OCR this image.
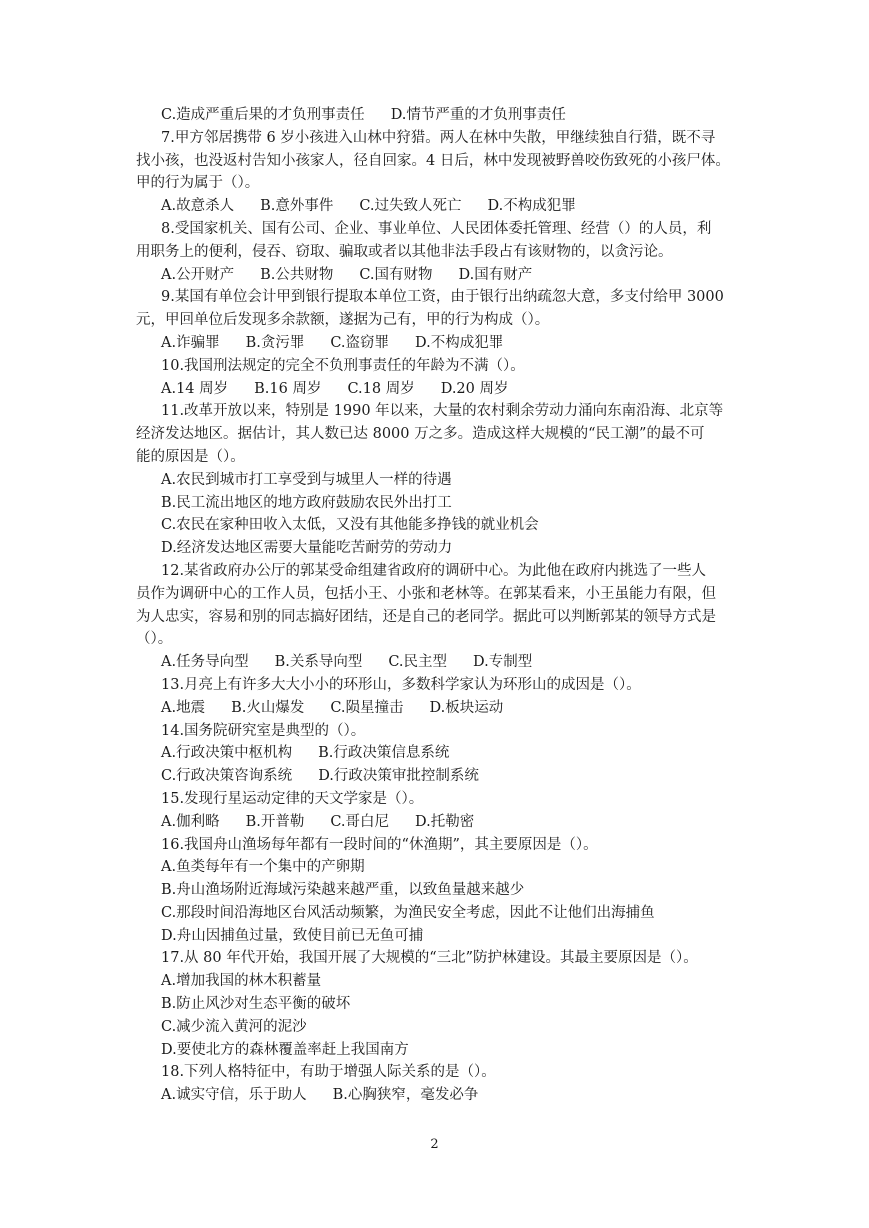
C.造成严重后果的才负刑事责任 D.情节严重的才负刑事责任
7.甲方邻居携带 6 岁小孩进入山林中狩猎。两人在林中失散，甲继续独自行猎，既不寻
找小孩，也没返村告知小孩家人，径自回家。4 日后，林中发现被野兽咬伤致死的小孩尸体。
甲的行为属于（）。
A.故意杀人 B.意外事件 C.过失致人死亡 D.不构成犯罪
8.受国家机关、国有公司、企业、事业单位、人民团体委托管理、经营（）的人员，利
用职务上的便利，侵吞、窃取、骗取或者以其他非法手段占有该财物的，以贪污论。
A.公开财产 B.公共财物 C.国有财物 D.国有财产
9.某国有单位会计甲到银行提取本单位工资，由于银行出纳疏忽大意，多支付给甲 3000
元，甲回单位后发现多余款额，遂据为己有，甲的行为构成（）。
A.诈骗罪 B.贪污罪 C.盗窃罪 D.不构成犯罪
10.我国刑法规定的完全不负刑事责任的年龄为不满（）。
A.14 周岁 B.16 周岁 C.18 周岁 D.20 周岁
11.改革开放以来，特别是 1990 年以来，大量的农村剩余劳动力涌向东南沿海、北京等
经济发达地区。据估计，其人数已达 8000 万之多。造成这样大规模的“民工潮”的最不可
能的原因是（）。
A.农民到城市打工享受到与城里人一样的待遇
B.民工流出地区的地方政府鼓励农民外出打工
C.农民在家种田收入太低，又没有其他能多挣钱的就业机会
D.经济发达地区需要大量能吃苦耐劳的劳动力
12.某省政府办公厅的郭某受命组建省政府的调研中心。为此他在政府内挑选了一些人
员作为调研中心的工作人员，包括小王、小张和老林等。在郭某看来，小王虽能力有限，但
为人忠实，容易和别的同志搞好团结，还是自己的老同学。据此可以判断郭某的领导方式是
（）。
A.任务导向型 B.关系导向型 C.民主型 D.专制型
13.月亮上有许多大大小小的环形山，多数科学家认为环形山的成因是（）。
A.地震 B.火山爆发 C.陨星撞击 D.板块运动
14.国务院研究室是典型的（）。
A.行政决策中枢机构 B.行政决策信息系统
C.行政决策咨询系统 D.行政决策审批控制系统
15.发现行星运动定律的天文学家是（）。
A.伽利略 B.开普勒 C.哥白尼 D.托勒密
16.我国舟山渔场每年都有一段时间的“休渔期”，其主要原因是（）。
A.鱼类每年有一个集中的产卵期
B.舟山渔场附近海域污染越来越严重，以致鱼量越来越少
C.那段时间沿海地区台风活动频繁，为渔民安全考虑，因此不让他们出海捕鱼
D.舟山因捕鱼过量，致使目前已无鱼可捕
17.从 80 年代开始，我国开展了大规模的“三北”防护林建设。其最主要原因是（）。
A.增加我国的林木积蓄量
B.防止风沙对生态平衡的破坏
C.减少流入黄河的泥沙
D.要使北方的森林覆盖率赶上我国南方
18.下列人格特征中，有助于增强人际关系的是（）。
A.诚实守信，乐于助人 B.心胸狭窄，毫发必争
2
